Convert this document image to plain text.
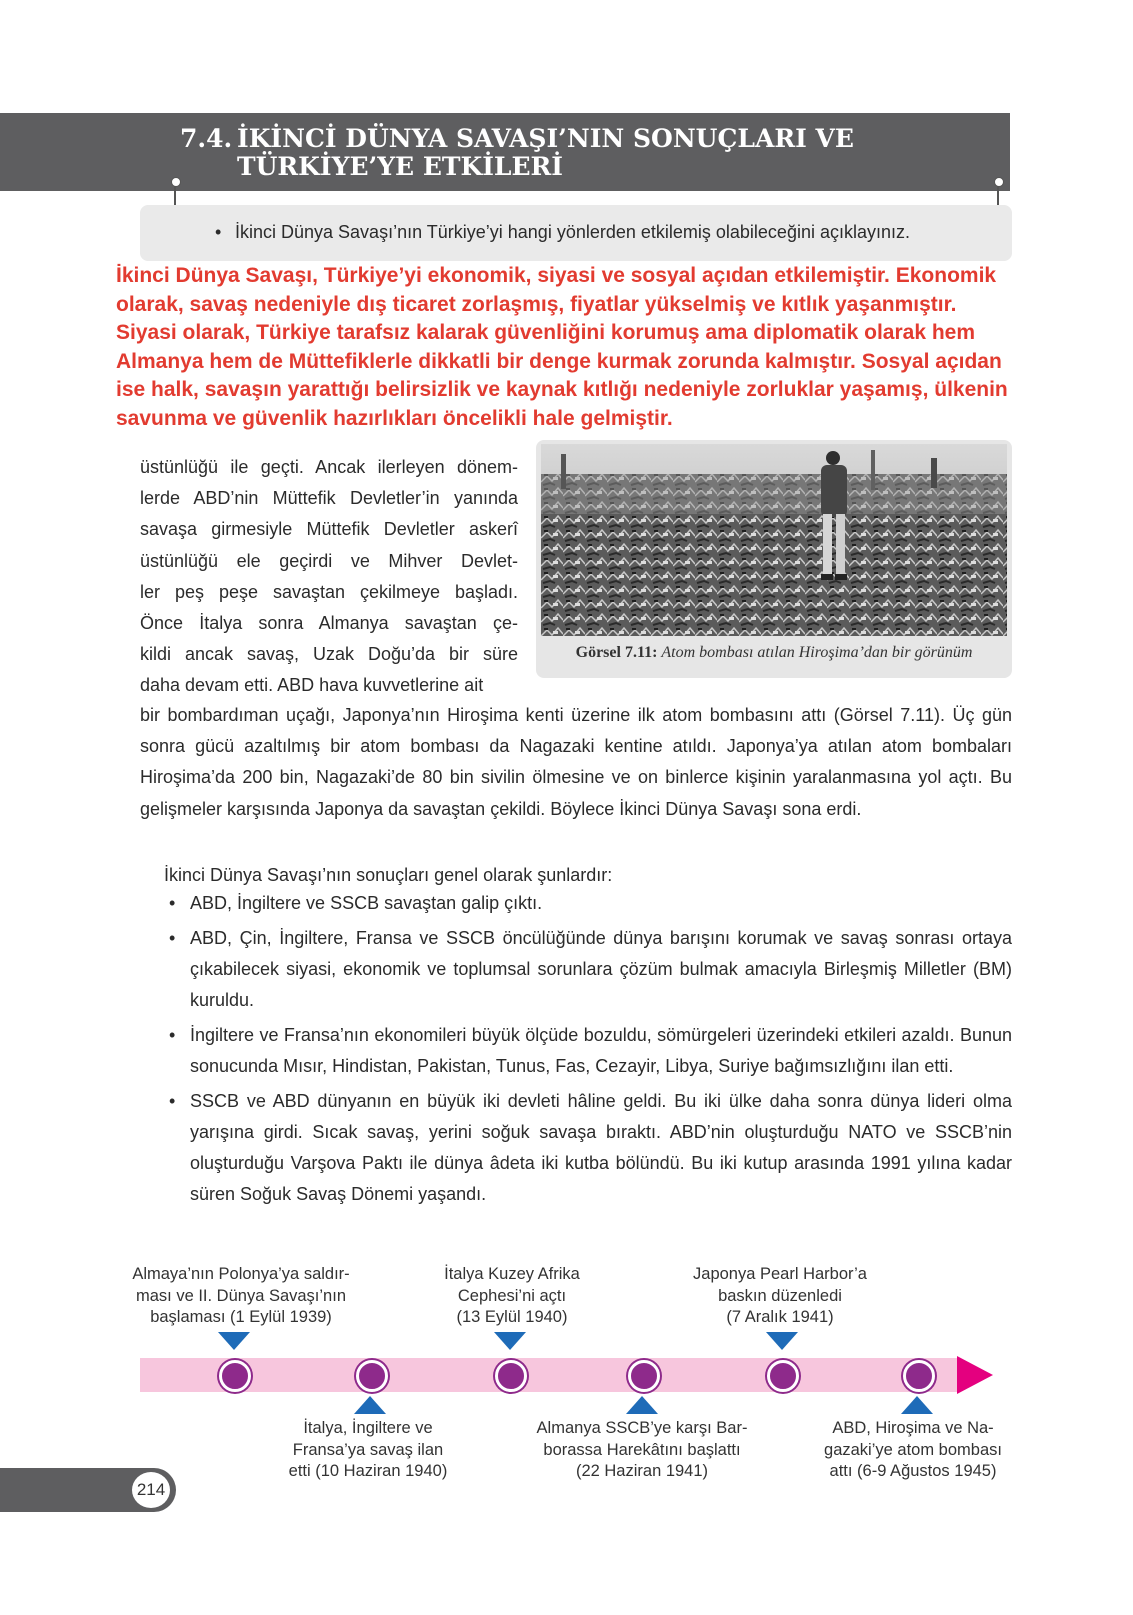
7.4. İKİNCİ DÜNYA SAVAŞI’NIN SONUÇLARI VE TÜRKİYE’YE ETKİLERİ
• İkinci Dünya Savaşı’nın Türkiye’yi hangi yönlerden etkilemiş olabileceğini açıklayınız.
İkinci Dünya Savaşı, Türkiye’yi ekonomik, siyasi ve sosyal açıdan etkilemiştir. Ekonomik olarak, savaş nedeniyle dış ticaret zorlaşmış, fiyatlar yükselmiş ve kıtlık yaşanmıştır. Siyasi olarak, Türkiye tarafsız kalarak güvenliğini korumuş ama diplomatik olarak hem Almanya hem de Müttefiklerle dikkatli bir denge kurmak zorunda kalmıştır. Sosyal açıdan ise halk, savaşın yarattığı belirsizlik ve kaynak kıtlığı nedeniyle zorluklar yaşamış, ülkenin savunma ve güvenlik hazırlıkları öncelikli hale gelmiştir.
Görsel 7.11: Atom bombası atılan Hiroşima’dan bir görünüm
üstünlüğü ile geçti. Ancak ilerleyen dönem-
lerde ABD’nin Müttefik Devletler’in yanında
savaşa girmesiyle Müttefik Devletler askerî
üstünlüğü ele geçirdi ve Mihver Devlet-
ler peş peşe savaştan çekilmeye başladı.
Önce İtalya sonra Almanya savaştan çe-
kildi ancak savaş, Uzak Doğu’da bir süre
daha devam etti. ABD hava kuvvetlerine ait
bir bombardıman uçağı, Japonya’nın Hiroşima kenti üzerine ilk atom bombasını attı (Görsel 7.11). Üç gün sonra gücü azaltılmış bir atom bombası da Nagazaki kentine atıldı. Japonya’ya atılan atom bombaları Hiroşima’da 200 bin, Nagazaki’de 80 bin sivilin ölmesine ve on binlerce kişinin yaralanmasına yol açtı. Bu gelişmeler karşısında Japonya da savaştan çekildi. Böylece İkinci Dünya Savaşı sona erdi.
İkinci Dünya Savaşı’nın sonuçları genel olarak şunlardır:
• ABD, İngiltere ve SSCB savaştan galip çıktı.
• ABD, Çin, İngiltere, Fransa ve SSCB öncülüğünde dünya barışını korumak ve savaş sonrası ortaya çıkabilecek siyasi, ekonomik ve toplumsal sorunlara çözüm bulmak amacıyla Birleşmiş Milletler (BM) kuruldu.
• İngiltere ve Fransa’nın ekonomileri büyük ölçüde bozuldu, sömürgeleri üzerindeki etkileri azaldı. Bunun sonucunda Mısır, Hindistan, Pakistan, Tunus, Fas, Cezayir, Libya, Suriye bağımsızlığını ilan etti.
• SSCB ve ABD dünyanın en büyük iki devleti hâline geldi. Bu iki ülke daha sonra dünya lideri olma yarışına girdi. Sıcak savaş, yerini soğuk savaşa bıraktı. ABD’nin oluşturduğu NATO ve SSCB’nin oluşturduğu Varşova Paktı ile dünya âdeta iki kutba bölündü. Bu iki kutup arasında 1991 yılına kadar süren Soğuk Savaş Dönemi yaşandı.
Almaya’nın Polonya’ya saldır-
ması ve II. Dünya Savaşı’nın
başlaması (1 Eylül 1939)
İtalya Kuzey Afrika
Cephesi’ni açtı
(13 Eylül 1940)
Japonya Pearl Harbor’a
baskın düzenledi
(7 Aralık 1941)
İtalya, İngiltere ve
Fransa’ya savaş ilan
etti (10 Haziran 1940)
Almanya SSCB’ye karşı Bar-
borassa Harekâtını başlattı
(22 Haziran 1941)
ABD, Hiroşima ve Na-
gazaki’ye atom bombası
attı (6-9 Ağustos 1945)
214
